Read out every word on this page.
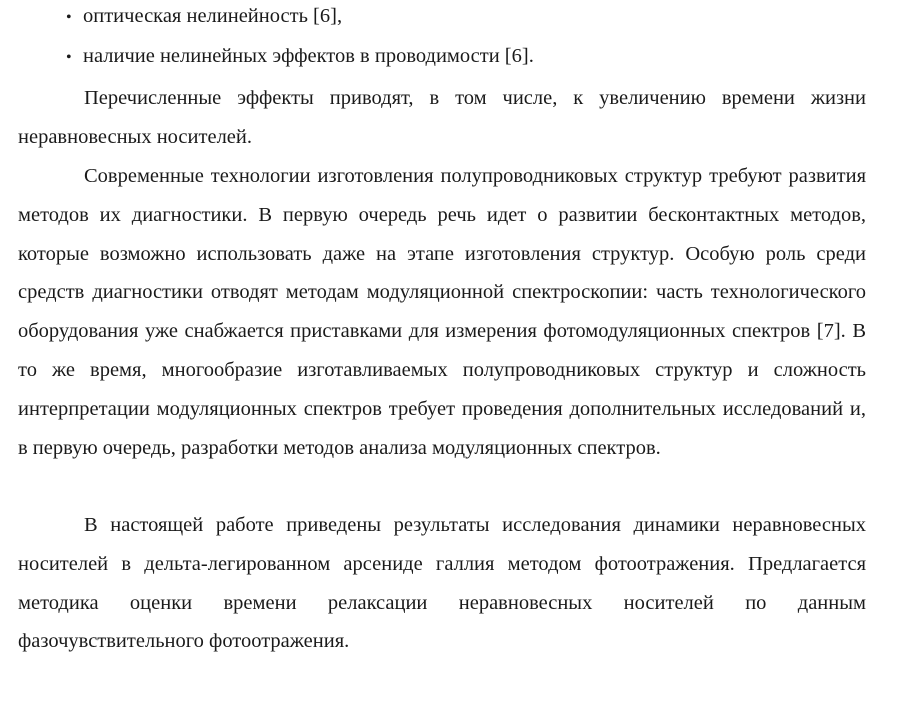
• оптическая нелинейность [6],
• наличие нелинейных эффектов в проводимости [6].

Перечисленные эффекты приводят, в том числе, к увеличению времени жизни неравновесных носителей.

Современные технологии изготовления полупроводниковых структур требуют развития методов их диагностики. В первую очередь речь идет о развитии бесконтактных методов, которые возможно использовать даже на этапе изготовления структур. Особую роль среди средств диагностики отводят методам модуляционной спектроскопии: часть технологического оборудования уже снабжается приставками для измерения фотомодуляционных спектров [7]. В то же время, многообразие изготавливаемых полупроводниковых структур и сложность интерпретации модуляционных спектров требует проведения дополнительных исследований и, в первую очередь, разработки методов анализа модуляционных спектров.

В настоящей работе приведены результаты исследования динамики неравновесных носителей в дельта-легированном арсениде галлия методом фотоотражения. Предлагается методика оценки времени релаксации неравновесных носителей по данным фазочувствительного фотоотражения.
